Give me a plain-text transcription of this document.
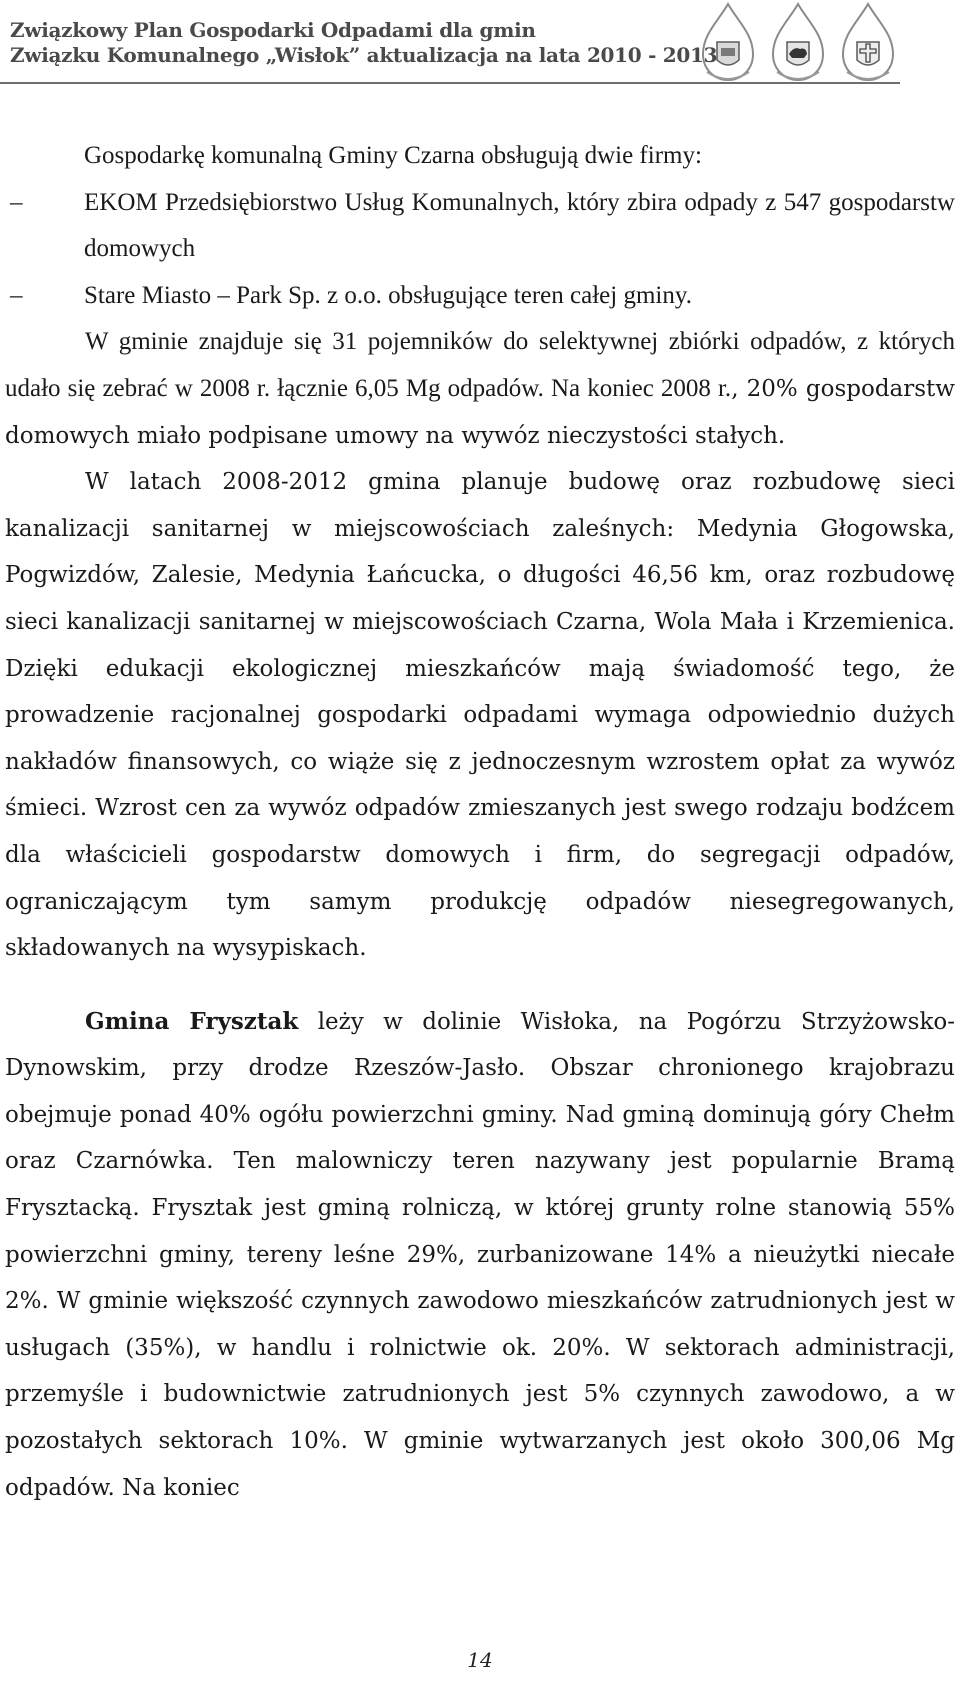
Związkowy Plan Gospodarki Odpadami dla gmin
Związku Komunalnego „Wisłok” aktualizacja na lata 2010 - 2013

Gospodarkę komunalną Gminy Czarna obsługują dwie firmy:

– EKOM Przedsiębiorstwo Usług Komunalnych, który zbira odpady z 547 gospodarstw domowych
– Stare Miasto – Park Sp. z o.o. obsługujące teren całej gminy.

W gminie znajduje się 31 pojemników do selektywnej zbiórki odpadów, z których udało się zebrać w 2008 r. łącznie 6,05 Mg odpadów. Na koniec 2008 r., 20% gospodarstw domowych miało podpisane umowy na wywóz nieczystości stałych.

W latach 2008-2012 gmina planuje budowę oraz rozbudowę sieci kanalizacji sanitarnej w miejscowościach zaleśnych: Medynia Głogowska, Pogwizdów, Zalesie, Medynia Łańcucka, o długości 46,56 km, oraz rozbudowę sieci kanalizacji sanitarnej w miejscowościach Czarna, Wola Mała i Krzemienica. Dzięki edukacji ekologicznej mieszkańców mają świadomość tego, że prowadzenie racjonalnej gospodarki odpadami wymaga odpowiednio dużych nakładów finansowych, co wiąże się z jednoczesnym wzrostem opłat za wywóz śmieci. Wzrost cen za wywóz odpadów zmieszanych jest swego rodzaju bodźcem dla właścicieli gospodarstw domowych i firm, do segregacji odpadów, ograniczającym tym samym produkcję odpadów niesegregowanych, składowanych na wysypiskach.

Gmina Frysztak leży w dolinie Wisłoka, na Pogórzu Strzyżowsko-Dynowskim, przy drodze Rzeszów-Jasło. Obszar chronionego krajobrazu obejmuje ponad 40% ogółu powierzchni gminy. Nad gminą dominują góry Chełm oraz Czarnówka. Ten malowniczy teren nazywany jest popularnie Bramą Frysztacką. Frysztak jest gminą rolniczą, w której grunty rolne stanowią 55% powierzchni gminy, tereny leśne 29%, zurbanizowane 14% a nieużytki niecałe 2%. W gminie większość czynnych zawodowo mieszkańców zatrudnionych jest w usługach (35%), w handlu i rolnictwie ok. 20%. W sektorach administracji, przemyśle i budownictwie zatrudnionych jest 5% czynnych zawodowo, a w pozostałych sektorach 10%. W gminie wytwarzanych jest około 300,06 Mg odpadów. Na koniec

14
